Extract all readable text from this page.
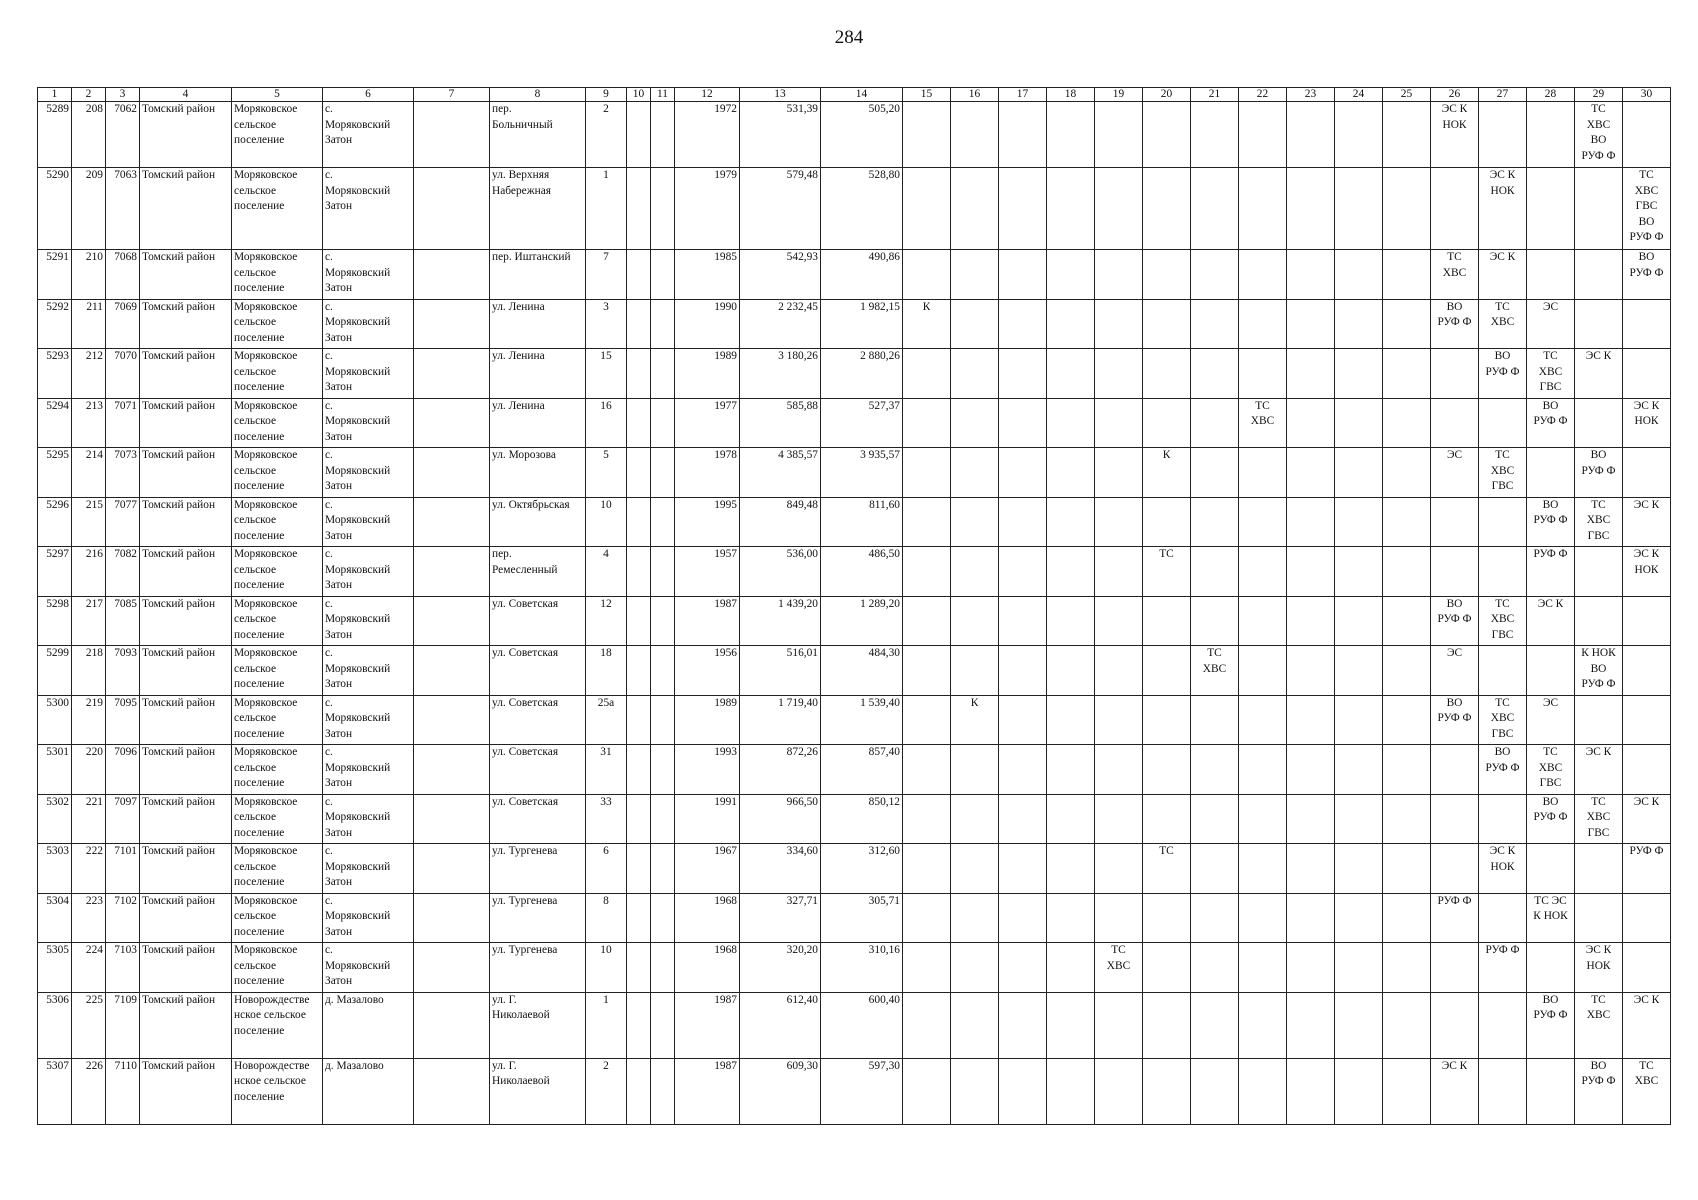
284
1	2	3	4	5	6	7	8	9	10	11	12	13	14	15	16	17	18	19	20	21	22	23	24	25	26	27	28	29	30
5289	208	7062	Томский район	Моряковское
сельское
поселение	с.
Моряковский
Затон		пер.
Больничный	2			1972	531,39	505,20												ЭС К
НОК			ТС
ХВС
ВО
РУФ Ф	
5290	209	7063	Томский район	Моряковское
сельское
поселение	с.
Моряковский
Затон		ул. Верхняя
Набережная	1			1979	579,48	528,80													ЭС К
НОК			ТС
ХВС
ГВС
ВО
РУФ Ф
5291	210	7068	Томский район	Моряковское
сельское
поселение	с.
Моряковский
Затон		пер. Иштанский	7			1985	542,93	490,86												ТС
ХВС	ЭС К			ВО
РУФ Ф
5292	211	7069	Томский район	Моряковское
сельское
поселение	с.
Моряковский
Затон		ул. Ленина	3			1990	2 232,45	1 982,15	К											ВО
РУФ Ф	ТС
ХВС	ЭС		
5293	212	7070	Томский район	Моряковское
сельское
поселение	с.
Моряковский
Затон		ул. Ленина	15			1989	3 180,26	2 880,26													ВО
РУФ Ф	ТС
ХВС
ГВС	ЭС К	
5294	213	7071	Томский район	Моряковское
сельское
поселение	с.
Моряковский
Затон		ул. Ленина	16			1977	585,88	527,37								ТС
ХВС						ВО
РУФ Ф		ЭС К
НОК
5295	214	7073	Томский район	Моряковское
сельское
поселение	с.
Моряковский
Затон		ул. Морозова	5			1978	4 385,57	3 935,57						К						ЭС	ТС
ХВС
ГВС		ВО
РУФ Ф	
5296	215	7077	Томский район	Моряковское
сельское
поселение	с.
Моряковский
Затон		ул. Октябрьская	10			1995	849,48	811,60														ВО
РУФ Ф	ТС
ХВС
ГВС	ЭС К
5297	216	7082	Томский район	Моряковское
сельское
поселение	с.
Моряковский
Затон		пер.
Ремесленный	4			1957	536,00	486,50						ТС								РУФ Ф		ЭС К
НОК
5298	217	7085	Томский район	Моряковское
сельское
поселение	с.
Моряковский
Затон		ул. Советская	12			1987	1 439,20	1 289,20												ВО
РУФ Ф	ТС
ХВС
ГВС	ЭС К		
5299	218	7093	Томский район	Моряковское
сельское
поселение	с.
Моряковский
Затон		ул. Советская	18			1956	516,01	484,30							ТС
ХВС					ЭС			К НОК
ВО
РУФ Ф	
5300	219	7095	Томский район	Моряковское
сельское
поселение	с.
Моряковский
Затон		ул. Советская	25а			1989	1 719,40	1 539,40		К										ВО
РУФ Ф	ТС
ХВС
ГВС	ЭС		
5301	220	7096	Томский район	Моряковское
сельское
поселение	с.
Моряковский
Затон		ул. Советская	31			1993	872,26	857,40													ВО
РУФ Ф	ТС
ХВС
ГВС	ЭС К	
5302	221	7097	Томский район	Моряковское
сельское
поселение	с.
Моряковский
Затон		ул. Советская	33			1991	966,50	850,12														ВО
РУФ Ф	ТС
ХВС
ГВС	ЭС К
5303	222	7101	Томский район	Моряковское
сельское
поселение	с.
Моряковский
Затон		ул. Тургенева	6			1967	334,60	312,60						ТС							ЭС К
НОК			РУФ Ф
5304	223	7102	Томский район	Моряковское
сельское
поселение	с.
Моряковский
Затон		ул. Тургенева	8			1968	327,71	305,71												РУФ Ф		ТС ЭС
К НОК		
5305	224	7103	Томский район	Моряковское
сельское
поселение	с.
Моряковский
Затон		ул. Тургенева	10			1968	320,20	310,16					ТС
ХВС								РУФ Ф		ЭС К
НОК	
5306	225	7109	Томский район	Новорождестве
нское сельское
поселение	д. Мазалово		ул. Г.
Николаевой	1			1987	612,40	600,40														ВО
РУФ Ф	ТС
ХВС	ЭС К
5307	226	7110	Томский район	Новорождестве
нское сельское
поселение	д. Мазалово		ул. Г.
Николаевой	2			1987	609,30	597,30												ЭС К			ВО
РУФ Ф	ТС
ХВС
